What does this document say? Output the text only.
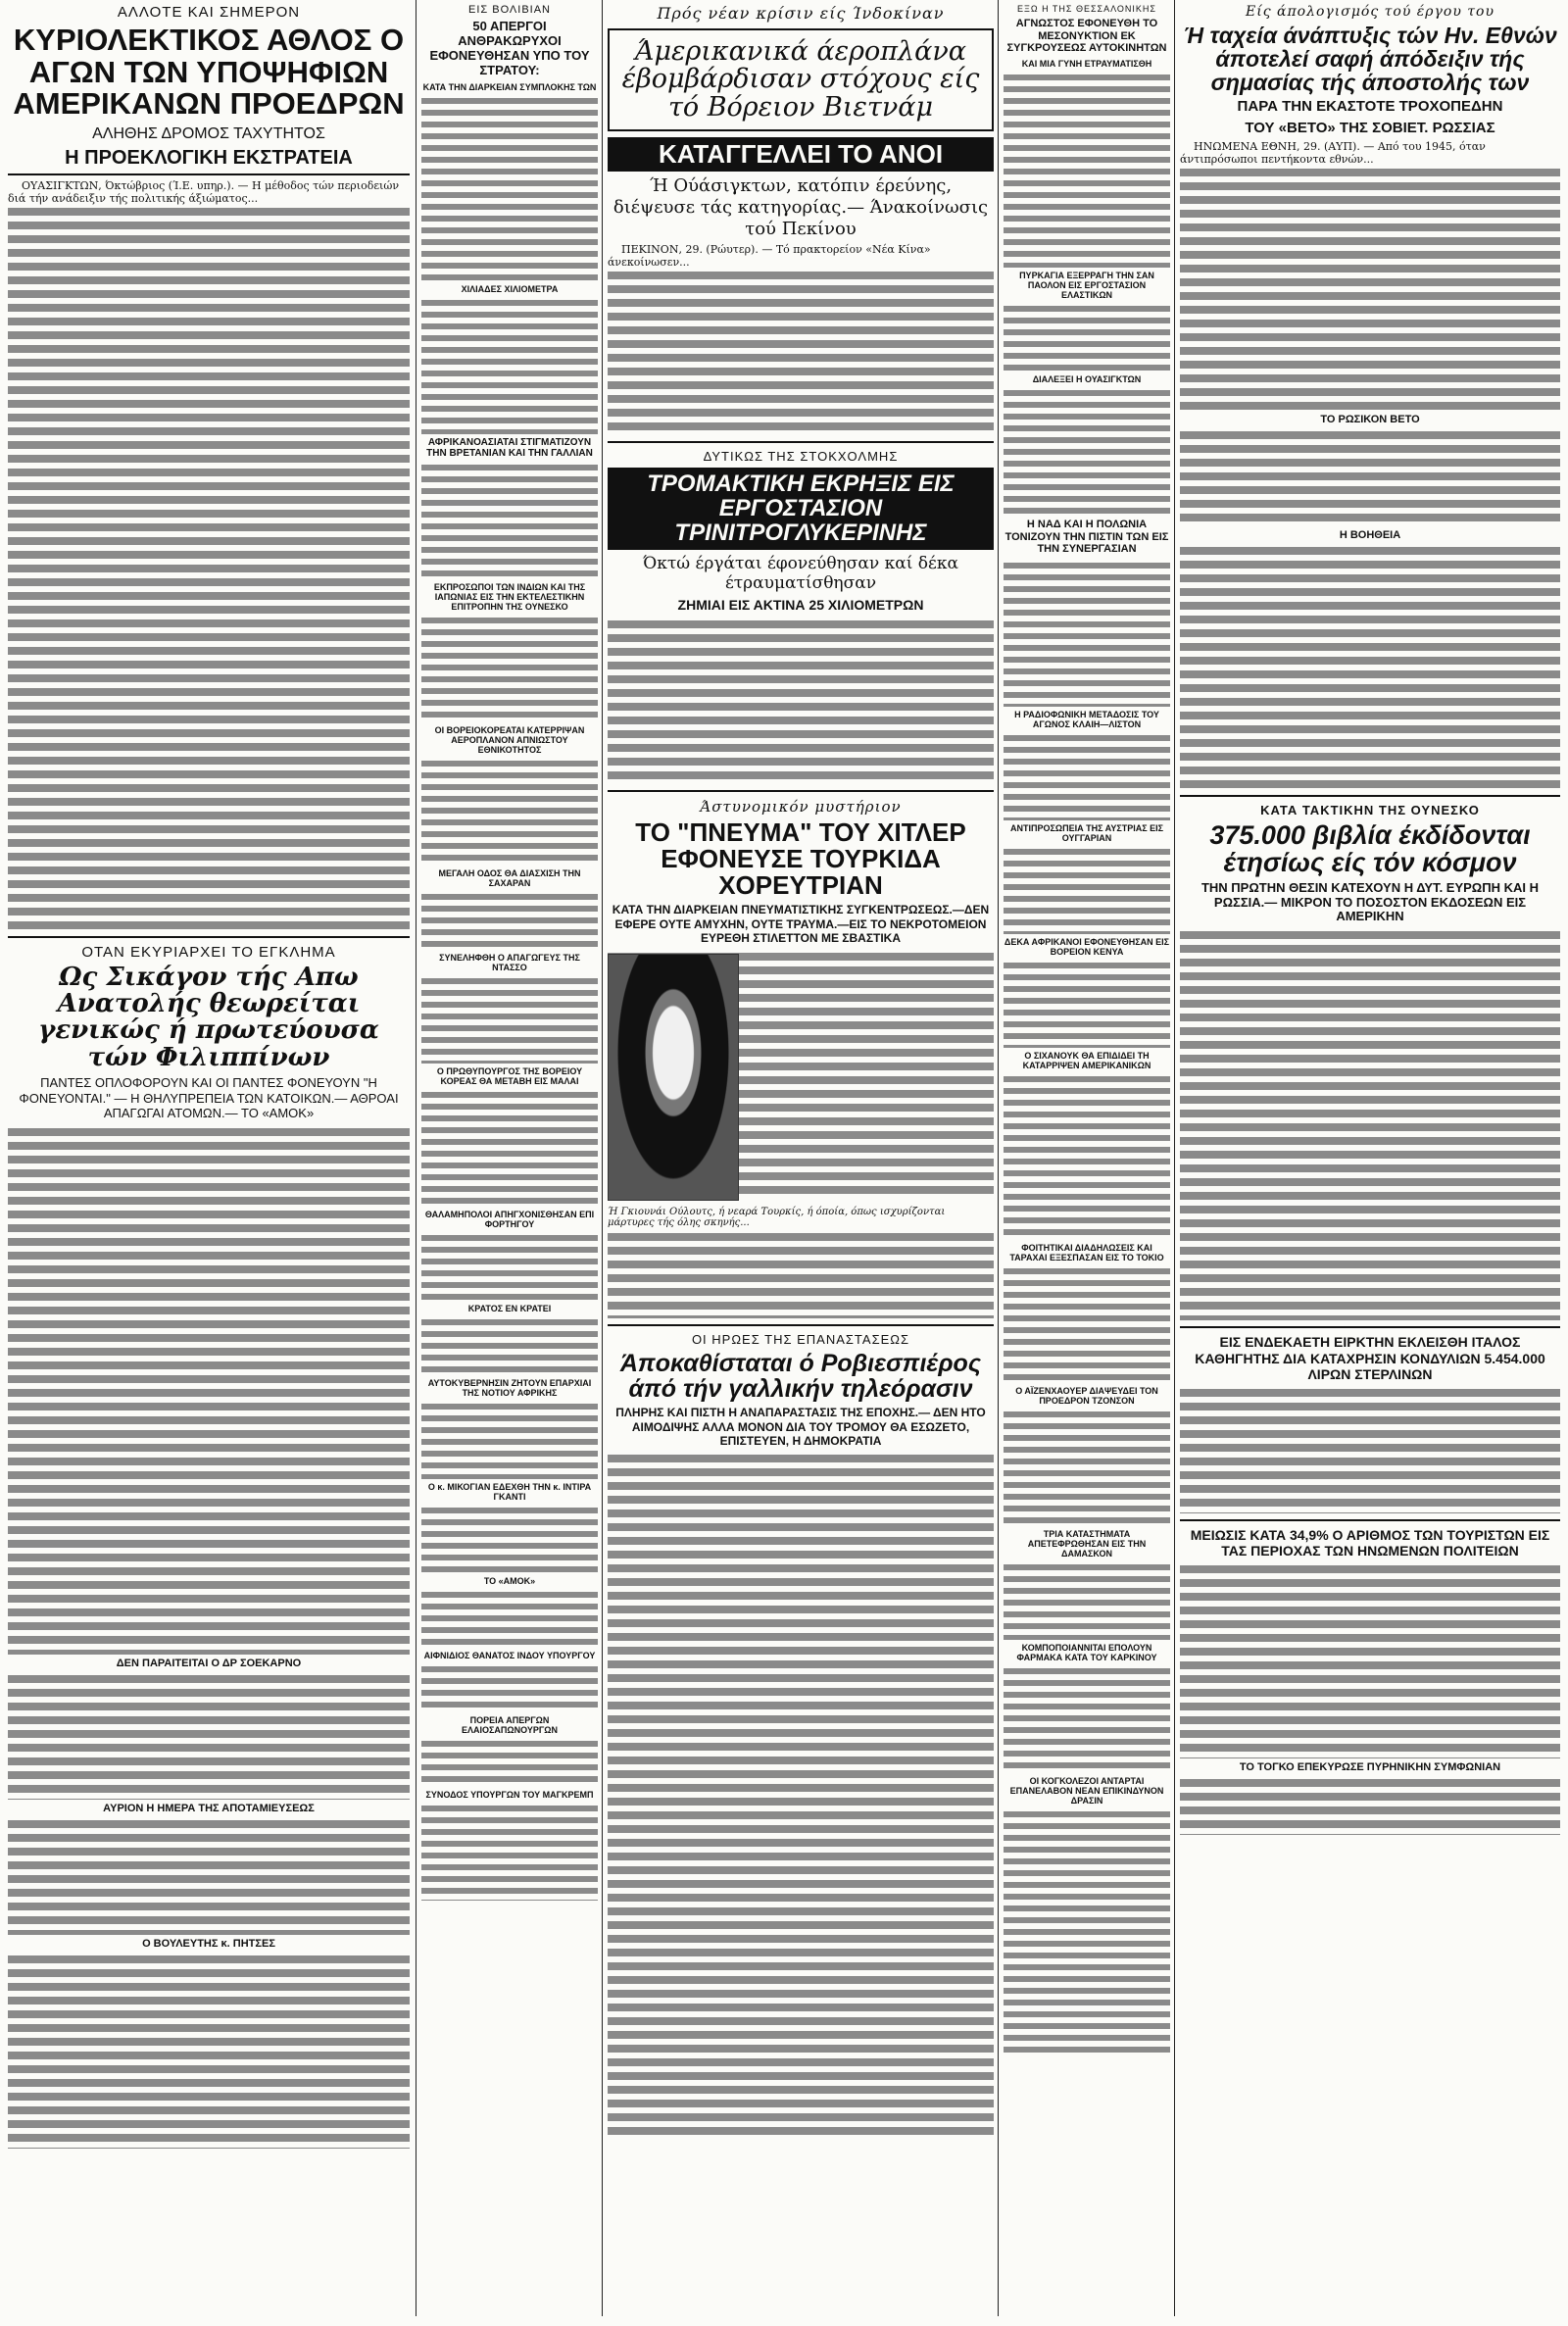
ΑΛΛΟΤΕ ΚΑΙ ΣΗΜΕΡΟΝ
ΚΥΡΙΟΛΕΚΤΙΚΟΣ ΑΘΛΟΣ Ο ΑΓΩΝ ΤΩΝ ΥΠΟΨΗΦΙΩΝ ΑΜΕΡΙΚΑΝΩΝ ΠΡΟΕΔΡΩΝ
ΑΛΗΘΗΣ ΔΡΟΜΟΣ ΤΑΧΥΤΗΤΟΣ
Η ΠΡΟΕΚΛΟΓΙΚΗ ΕΚΣΤΡΑΤΕΙΑ

ΟΥΑΣΙΓΚΤΩΝ, Όκτώβριος (Ί.Ε. υπηρ.). — Η μέθοδος τών περιοδειών διά τήν ανάδειξιν τής πολιτικής άξιώματος...

ΟΤΑΝ ΕΚΥΡΙΑΡΧΕΙ ΤΟ ΕΓΚΛΗΜΑ
Ως Σικάγον τής Απω Ανατολής θεωρείται γενικώς ή πρωτεύουσα τών Φιλιππίνων
ΠΑΝΤΕΣ ΟΠΛΟΦΟΡΟΥΝ ΚΑΙ ΟΙ ΠΑΝΤΕΣ ΦΟΝΕΥΟΥΝ "Η ΦΟΝΕΥΟΝΤΑΙ." — Η ΘΗΛΥΠΡΕΠΕΙΑ ΤΩΝ ΚΑΤΟΙΚΩΝ.— ΑΘΡΟΑΙ ΑΠΑΓΩΓΑΙ ΑΤΟΜΩΝ.— ΤΟ «ΑΜΟΚ»
ΔΕΝ ΠΑΡΑΙΤΕΙΤΑΙ Ο ΔΡ ΣΟΕΚΑΡΝΟ
ΑΥΡΙΟΝ Η ΗΜΕΡΑ ΤΗΣ ΑΠΟΤΑΜΙΕΥΣΕΩΣ
Ο ΒΟΥΛΕΥΤΗΣ κ. ΠΗΤΣΕΣ
ΕΙΣ ΒΟΛΙΒΙΑΝ
50 ΑΠΕΡΓΟΙ ΑΝΘΡΑΚΩΡΥΧΟΙ ΕΦΟΝΕΥΘΗΣΑΝ ΥΠΟ ΤΟΥ ΣΤΡΑΤΟΥ:
ΚΑΤΑ ΤΗΝ ΔΙΑΡΚΕΙΑΝ ΣΥΜΠΛΟΚΗΣ ΤΩΝ
ΧΙΛΙΑΔΕΣ ΧΙΛΙΟΜΕΤΡΑ
ΑΦΡΙΚΑΝΟΑΣΙΑΤΑΙ ΣΤΙΓΜΑΤΙΖΟΥΝ ΤΗΝ ΒΡΕΤΑΝΙΑΝ ΚΑΙ ΤΗΝ ΓΑΛΛΙΑΝ
ΕΚΠΡΟΣΩΠΟΙ ΤΩΝ ΙΝΔΙΩΝ ΚΑΙ ΤΗΣ ΙΑΠΩΝΙΑΣ ΕΙΣ ΤΗΝ ΕΚΤΕΛΕΣΤΙΚΗΝ ΕΠΙΤΡΟΠΗΝ ΤΗΣ ΟΥΝΕΣΚΟ
ΟΙ ΒΟΡΕΙΟΚΟΡΕΑΤΑΙ ΚΑΤΕΡΡΙΨΑΝ ΑΕΡΟΠΛΑΝΟΝ ΑΠΝΙΩΣΤΟΥ ΕΘΝΙΚΟΤΗΤΟΣ
ΜΕΓΑΛΗ ΟΔΟΣ ΘΑ ΔΙΑΣΧΙΣΗ ΤΗΝ ΣΑΧΑΡΑΝ
ΣΥΝΕΛΗΦΘΗ Ο ΑΠΑΓΩΓΕΥΣ ΤΗΣ ΝΤΑΣΣΟ
Ο ΠΡΩΘΥΠΟΥΡΓΟΣ ΤΗΣ ΒΟΡΕΙΟΥ ΚΟΡΕΑΣ ΘΑ ΜΕΤΑΒΗ ΕΙΣ ΜΑΛΑΙ
ΘΑΛΑΜΗΠΟΛΟΙ ΑΠΗΓΧΟΝΙΣΘΗΣΑΝ ΕΠΙ ΦΟΡΤΗΓΟΥ
ΚΡΑΤΟΣ ΕΝ ΚΡΑΤΕΙ
ΑΥΤΟΚΥΒΕΡΝΗΣΙΝ ΖΗΤΟΥΝ ΕΠΑΡΧΙΑΙ ΤΗΣ ΝΟΤΙΟΥ ΑΦΡΙΚΗΣ
Ο κ. ΜΙΚΟΓΙΑΝ ΕΔΕΧΘΗ ΤΗΝ κ. ΙΝΤΙΡΑ ΓΚΑΝΤΙ
ΤΟ «ΑΜΟΚ»
ΑΙΦΝΙΔΙΟΣ ΘΑΝΑΤΟΣ ΙΝΔΟΥ ΥΠΟΥΡΓΟΥ
ΠΟΡΕΙΑ ΑΠΕΡΓΩΝ ΕΛΑΙΟΣΑΠΩΝΟΥΡΓΩΝ
ΣΥΝΟΔΟΣ ΥΠΟΥΡΓΩΝ ΤΟΥ ΜΑΓΚΡΕΜΠ
Πρός νέαν κρίσιν είς Ίνδοκίναν
Άμερικανικά άεροπλάνα έβομβάρδισαν στόχους είς τό Βόρειον Βιετνάμ
ΚΑΤΑΓΓΕΛΛΕΙ ΤΟ ΑΝΟΙ
Ή Ούάσιγκτων, κατόπιν έρεύνης, διέψευσε τάς κατηγορίας.— Άνακοίνωσις τού Πεκίνου

ΠΕΚΙΝΟΝ, 29. (Ρώυτερ). — Τό πρακτορείον «Νέα Κίνα» άνεκοίνωσεν...

ΔΥΤΙΚΩΣ ΤΗΣ ΣΤΟΚΧΟΛΜΗΣ
ΤΡΟΜΑΚΤΙΚΗ ΕΚΡΗΞΙΣ ΕΙΣ ΕΡΓΟΣΤΑΣΙΟΝ ΤΡΙΝΙΤΡΟΓΛΥΚΕΡΙΝΗΣ
Όκτώ έργάται έφονεύθησαν καί δέκα έτραυματίσθησαν
ΖΗΜΙΑΙ ΕΙΣ ΑΚΤΙΝΑ 25 ΧΙΛΙΟΜΕΤΡΩΝ
Άστυνομικόν μυστήριον
ΤΟ "ΠΝΕΥΜΑ" ΤΟΥ ΧΙΤΛΕΡ ΕΦΟΝΕΥΣΕ ΤΟΥΡΚΙΔΑ ΧΟΡΕΥΤΡΙΑΝ
ΚΑΤΑ ΤΗΝ ΔΙΑΡΚΕΙΑΝ ΠΝΕΥΜΑΤΙΣΤΙΚΗΣ ΣΥΓΚΕΝΤΡΩΣΕΩΣ.—ΔΕΝ ΕΦΕΡΕ ΟΥΤΕ ΑΜΥΧΗΝ, ΟΥΤΕ ΤΡΑΥΜΑ.—ΕΙΣ ΤΟ ΝΕΚΡΟΤΟΜΕΙΟΝ ΕΥΡΕΘΗ ΣΤΙΛΕΤΤΟΝ ΜΕ ΣΒΑΣΤΙΚΑ
Ή Γκιουνάι Ούλουτς, ή νεαρά Τουρκίς, ή όποία, όπως ισχυρίζονται μάρτυρες τής όλης σκηνής...
ΟΙ ΗΡΩΕΣ ΤΗΣ ΕΠΑΝΑΣΤΑΣΕΩΣ
Άποκαθίσταται ό Ροβιεσπιέρος άπό τήν γαλλικήν τηλεόρασιν
ΠΛΗΡΗΣ ΚΑΙ ΠΙΣΤΗ Η ΑΝΑΠΑΡΑΣΤΑΣΙΣ ΤΗΣ ΕΠΟΧΗΣ.— ΔΕΝ ΗΤΟ ΑΙΜΟΔΙΨΗΣ ΑΛΛΑ ΜΟΝΟΝ ΔΙΑ ΤΟΥ ΤΡΟΜΟΥ ΘΑ ΕΣΩΖΕΤΟ, ΕΠΙΣΤΕΥΕΝ, Η ΔΗΜΟΚΡΑΤΙΑ
ΕΞΩ Η ΤΗΣ ΘΕΣΣΑΛΟΝΙΚΗΣ
ΑΓΝΩΣΤΟΣ ΕΦΟΝΕΥΘΗ ΤΟ ΜΕΣΟΝΥΚΤΙΟΝ ΕΚ ΣΥΓΚΡΟΥΣΕΩΣ ΑΥΤΟΚΙΝΗΤΩΝ
ΚΑΙ ΜΙΑ ΓΥΝΗ ΕΤΡΑΥΜΑΤΙΣΘΗ
ΠΥΡΚΑΓΙΑ ΕΞΕΡΡΑΓΗ ΤΗΝ ΣΑΝ ΠΑΟΛΟΝ ΕΙΣ ΕΡΓΟΣΤΑΣΙΟΝ ΕΛΑΣΤΙΚΩΝ
ΔΙΑΛΕΞΕΙ Η ΟΥΑΣΙΓΚΤΩΝ
Η ΝΑΔ ΚΑΙ Η ΠΟΛΩΝΙΑ ΤΟΝΙΖΟΥΝ ΤΗΝ ΠΙΣΤΙΝ ΤΩΝ ΕΙΣ ΤΗΝ ΣΥΝΕΡΓΑΣΙΑΝ
Η ΡΑΔΙΟΦΩΝΙΚΗ ΜΕΤΑΔΟΣΙΣ ΤΟΥ ΑΓΩΝΟΣ ΚΛΑΙΗ—ΛΙΣΤΟΝ
ΑΝΤΙΠΡΟΣΩΠΕΙΑ ΤΗΣ ΑΥΣΤΡΙΑΣ ΕΙΣ ΟΥΓΓΑΡΙΑΝ
ΔΕΚΑ ΑΦΡΙΚΑΝΟΙ ΕΦΟΝΕΥΘΗΣΑΝ ΕΙΣ ΒΟΡΕΙΟΝ ΚΕΝΥΑ
Ο ΣΙΧΑΝΟΥΚ ΘΑ ΕΠΙΔΙΔΕΙ ΤΗ ΚΑΤΑΡΡΙΨΕΝ ΑΜΕΡΙΚΑΝΙΚΩΝ
ΦΟΙΤΗΤΙΚΑΙ ΔΙΑΔΗΛΩΣΕΙΣ ΚΑΙ ΤΑΡΑΧΑΙ ΕΞΕΣΠΑΣΑΝ ΕΙΣ ΤΟ ΤΟΚΙΟ
Ο ΑΪΖΕΝΧΑΟΥΕΡ ΔΙΑΨΕΥΔΕΙ ΤΟΝ ΠΡΟΕΔΡΟΝ ΤΖΟΝΣΟΝ
ΤΡΙΑ ΚΑΤΑΣΤΗΜΑΤΑ ΑΠΕΤΕΦΡΩΘΗΣΑΝ ΕΙΣ ΤΗΝ ΔΑΜΑΣΚΟΝ
ΚΟΜΠΟΠΟΙΑΝΝΙΤΑΙ ΕΠΟΛΟΥΝ ΦΑΡΜΑΚΑ ΚΑΤΑ ΤΟΥ ΚΑΡΚΙΝΟΥ
ΟΙ ΚΟΓΚΟΛΕΖΟΙ ΑΝΤΑΡΤΑΙ ΕΠΑΝΕΛΑΒΟΝ ΝΕΑΝ ΕΠΙΚΙΝΔΥΝΟΝ ΔΡΑΣΙΝ
Είς άπολογισμός τού έργου του
Ή ταχεία άνάπτυξις τών Ην. Εθνών άποτελεί σαφή άπόδειξιν τής σημασίας τής άποστολής των
ΠΑΡΑ ΤΗΝ ΕΚΑΣΤΟΤΕ ΤΡΟΧΟΠΕΔΗΝ
ΤΟΥ «ΒΕΤΟ» ΤΗΣ ΣΟΒΙΕΤ. ΡΩΣΣΙΑΣ

ΗΝΩΜΕΝΑ ΕΘΝΗ, 29. (ΑΥΠ). — Από του 1945, όταν άντιπρόσωποι πεντήκοντα εθνών...

ΤΟ ΡΩΣΙΚΟΝ ΒΕΤΟ
Η ΒΟΗΘΕΙΑ
ΚΑΤΑ ΤΑΚΤΙΚΗΝ ΤΗΣ ΟΥΝΕΣΚΟ
375.000 βιβλία έκδίδονται έτησίως είς τόν κόσμον
ΤΗΝ ΠΡΩΤΗΝ ΘΕΣΙΝ ΚΑΤΕΧΟΥΝ Η ΔΥΤ. ΕΥΡΩΠΗ ΚΑΙ Η ΡΩΣΣΙΑ.— ΜΙΚΡΟΝ ΤΟ ΠΟΣΟΣΤΟΝ ΕΚΔΟΣΕΩΝ ΕΙΣ ΑΜΕΡΙΚΗΝ
ΕΙΣ ΕΝΔΕΚΑΕΤΗ ΕΙΡΚΤΗΝ ΕΚΛΕΙΣΘΗ ΙΤΑΛΟΣ ΚΑΘΗΓΗΤΗΣ ΔΙΑ ΚΑΤΑΧΡΗΣΙΝ ΚΟΝΔΥΛΙΩΝ 5.454.000 ΛΙΡΩΝ ΣΤΕΡΛΙΝΩΝ
ΜΕΙΩΣΙΣ ΚΑΤΑ 34,9% Ο ΑΡΙΘΜΟΣ ΤΩΝ ΤΟΥΡΙΣΤΩΝ ΕΙΣ ΤΑΣ ΠΕΡΙΟΧΑΣ ΤΩΝ ΗΝΩΜΕΝΩΝ ΠΟΛΙΤΕΙΩΝ
ΤΟ ΤΟΓΚΟ ΕΠΕΚΥΡΩΣΕ ΠΥΡΗΝΙΚΗΝ ΣΥΜΦΩΝΙΑΝ
